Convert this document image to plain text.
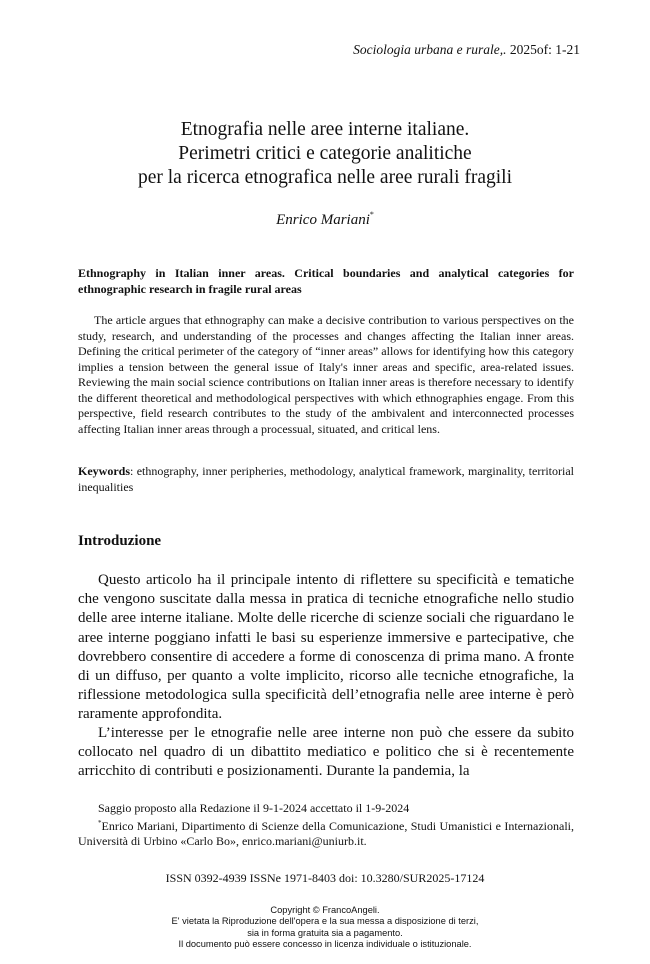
Sociologia urbana e rurale,. 2025of: 1-21
Etnografia nelle aree interne italiane.
Perimetri critici e categorie analitiche
per la ricerca etnografica nelle aree rurali fragili
Enrico Mariani*
Ethnography in Italian inner areas. Critical boundaries and analytical categories for ethnographic research in fragile rural areas

The article argues that ethnography can make a decisive contribution to various perspectives on the study, research, and understanding of the processes and changes affecting the Italian inner areas. Defining the critical perimeter of the category of “inner areas” allows for identifying how this category implies a tension between the general issue of Italy's inner areas and specific, area-related issues. Reviewing the main social science contributions on Italian inner areas is therefore necessary to identify the different theoretical and methodological perspectives with which ethnographies engage. From this perspective, field research contributes to the study of the ambivalent and interconnected processes affecting Italian inner areas through a processual, situated, and critical lens.

Keywords: ethnography, inner peripheries, methodology, analytical framework, marginality, territorial inequalities

Introduzione

Questo articolo ha il principale intento di riflettere su specificità e tematiche che vengono suscitate dalla messa in pratica di tecniche etnografiche nello studio delle aree interne italiane. Molte delle ricerche di scienze sociali che riguardano le aree interne poggiano infatti le basi su esperienze immersive e partecipative, che dovrebbero consentire di accedere a forme di conoscenza di prima mano. A fronte di un diffuso, per quanto a volte implicito, ricorso alle tecniche etnografiche, la riflessione metodologica sulla specificità dell’etnografia nelle aree interne è però raramente approfondita.

L’interesse per le etnografie nelle aree interne non può che essere da subito collocato nel quadro di un dibattito mediatico e politico che si è recentemente arricchito di contributi e posizionamenti. Durante la pandemia, la

Saggio proposto alla Redazione il 9-1-2024 accettato il 1-9-2024

*Enrico Mariani, Dipartimento di Scienze della Comunicazione, Studi Umanistici e Internazionali, Università di Urbino «Carlo Bo», enrico.mariani@uniurb.it.

ISSN 0392-4939 ISSNe 1971-8403 doi: 10.3280/SUR2025-17124
Copyright © FrancoAngeli.
E' vietata la Riproduzione dell'opera e la sua messa a disposizione di terzi,
sia in forma gratuita sia a pagamento.
Il documento può essere concesso in licenza individuale o istituzionale.
